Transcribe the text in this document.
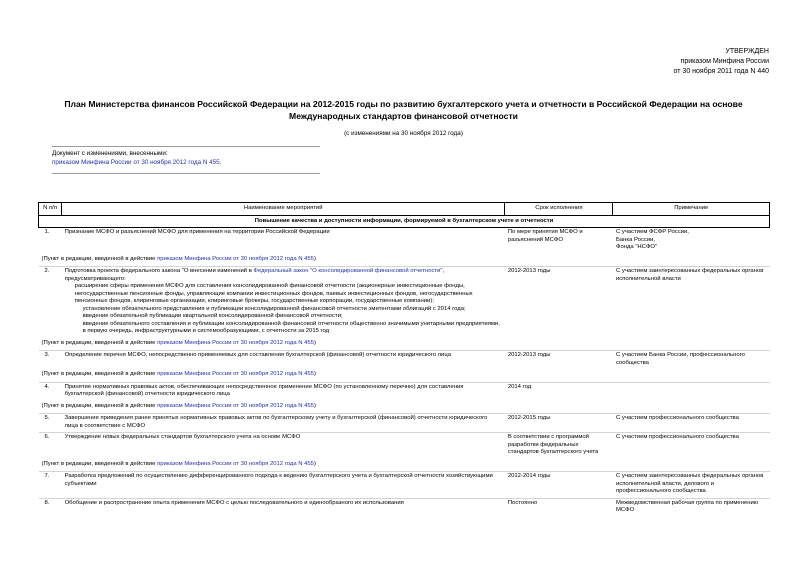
УТВЕРЖДЕН
приказом Минфина России
от 30 ноября 2011 года N 440
План Министерства финансов Российской Федерации на 2012-2015 годы по развитию бухгалтерского учета и отчетности в Российской Федерации на основе Международных стандартов финансовой отчетности
(с изменениями на 30 ноября 2012 года)
Документ с изменениями, внесенными:
приказом Минфина России от 30 ноября 2012 года N 455.
N п/п	Наименование мероприятий	Срок исполнения	Примечание
Повышение качества и доступности информации, формируемой в бухгалтерском учете и отчетности			
1.	Признание МСФО и разъяснений МСФО для применения на территории Российской Федерации	По мере принятия МСФО и разъяснений МСФО	С участием ФСФР России,
Банка России,
Фонда "НСФО"
(Пункт в редакции, введенной в действие приказом Минфина России от 30 ноября 2012 года N 455)			
2.	Подготовка проекта федерального закона "О внесении изменений в Федеральный закон "О консолидированной финансовой отчетности", предусматривающего:
расширение сферы применения МСФО для составления консолидированной финансовой отчетности (акционерные инвестиционные фонды, негосударственные пенсионные фонды, управляющие компании инвестиционных фондов, паевых инвестиционных фондов, негосударственных пенсионных фондов, клиринговые организации, клиринговые брокеры, государственные корпорации, государственные компании);
установление обязательного представления и публикации консолидированной финансовой отчетности эмитентами облигаций с 2014 года;
введение обязательной публикации квартальной консолидированной финансовой отчетности;
введение обязательного составления и публикации консолидированной финансовой отчетности общественно значимыми унитарными предприятиями, в первую очередь, инфраструктурными и системообразующими, с отчетности за 2015 год	2012-2013 годы	С участием заинтересованных федеральных органов исполнительной власти
(Пункт в редакции, введенной в действие приказом Минфина России от 30 ноября 2012 года N 455)			
3.	Определение перечня МСФО, непосредственно применяемых для составления бухгалтерской (финансовой) отчетности юридического лица	2012-2013 годы	С участием Банка России, профессионального сообщества
(Пункт в редакции, введенной в действие приказом Минфина России от 30 ноября 2012 года N 455)			
4.	Принятие нормативных правовых актов, обеспечивающих непосредственное применение МСФО (по установленному перечню) для составления бухгалтерской (финансовой) отчетности юридического лица	2014 год	
(Пункт в редакции, введенной в действие приказом Минфина России от 30 ноября 2012 года N 455)			
5.	Завершение приведения ранее принятых нормативных правовых актов по бухгалтерскому учету и бухгалтерской (финансовой) отчетности юридического лица в соответствие с МСФО	2012-2015 годы	С участием профессионального сообщества
6.	Утверждение новых федеральных стандартов бухгалтерского учета на основе МСФО	В соответствии с программой разработки федеральных стандартов бухгалтерского учета	С участием профессионального сообщества
(Пункт в редакции, введенной в действие приказом Минфина России от 30 ноября 2012 года N 455)			
7.	Разработка предложений по осуществлению дифференцированного подхода к ведению бухгалтерского учета и бухгалтерской отчетности хозяйствующими субъектами	2012-2014 годы	С участием заинтересованных федеральных органов исполнительной власти, делового и профессионального сообщества
8.	Обобщение и распространение опыта применения МСФО с целью последовательного и единообразного их использования	Постоянно	Межведомственная рабочая группа по применению МСФО
